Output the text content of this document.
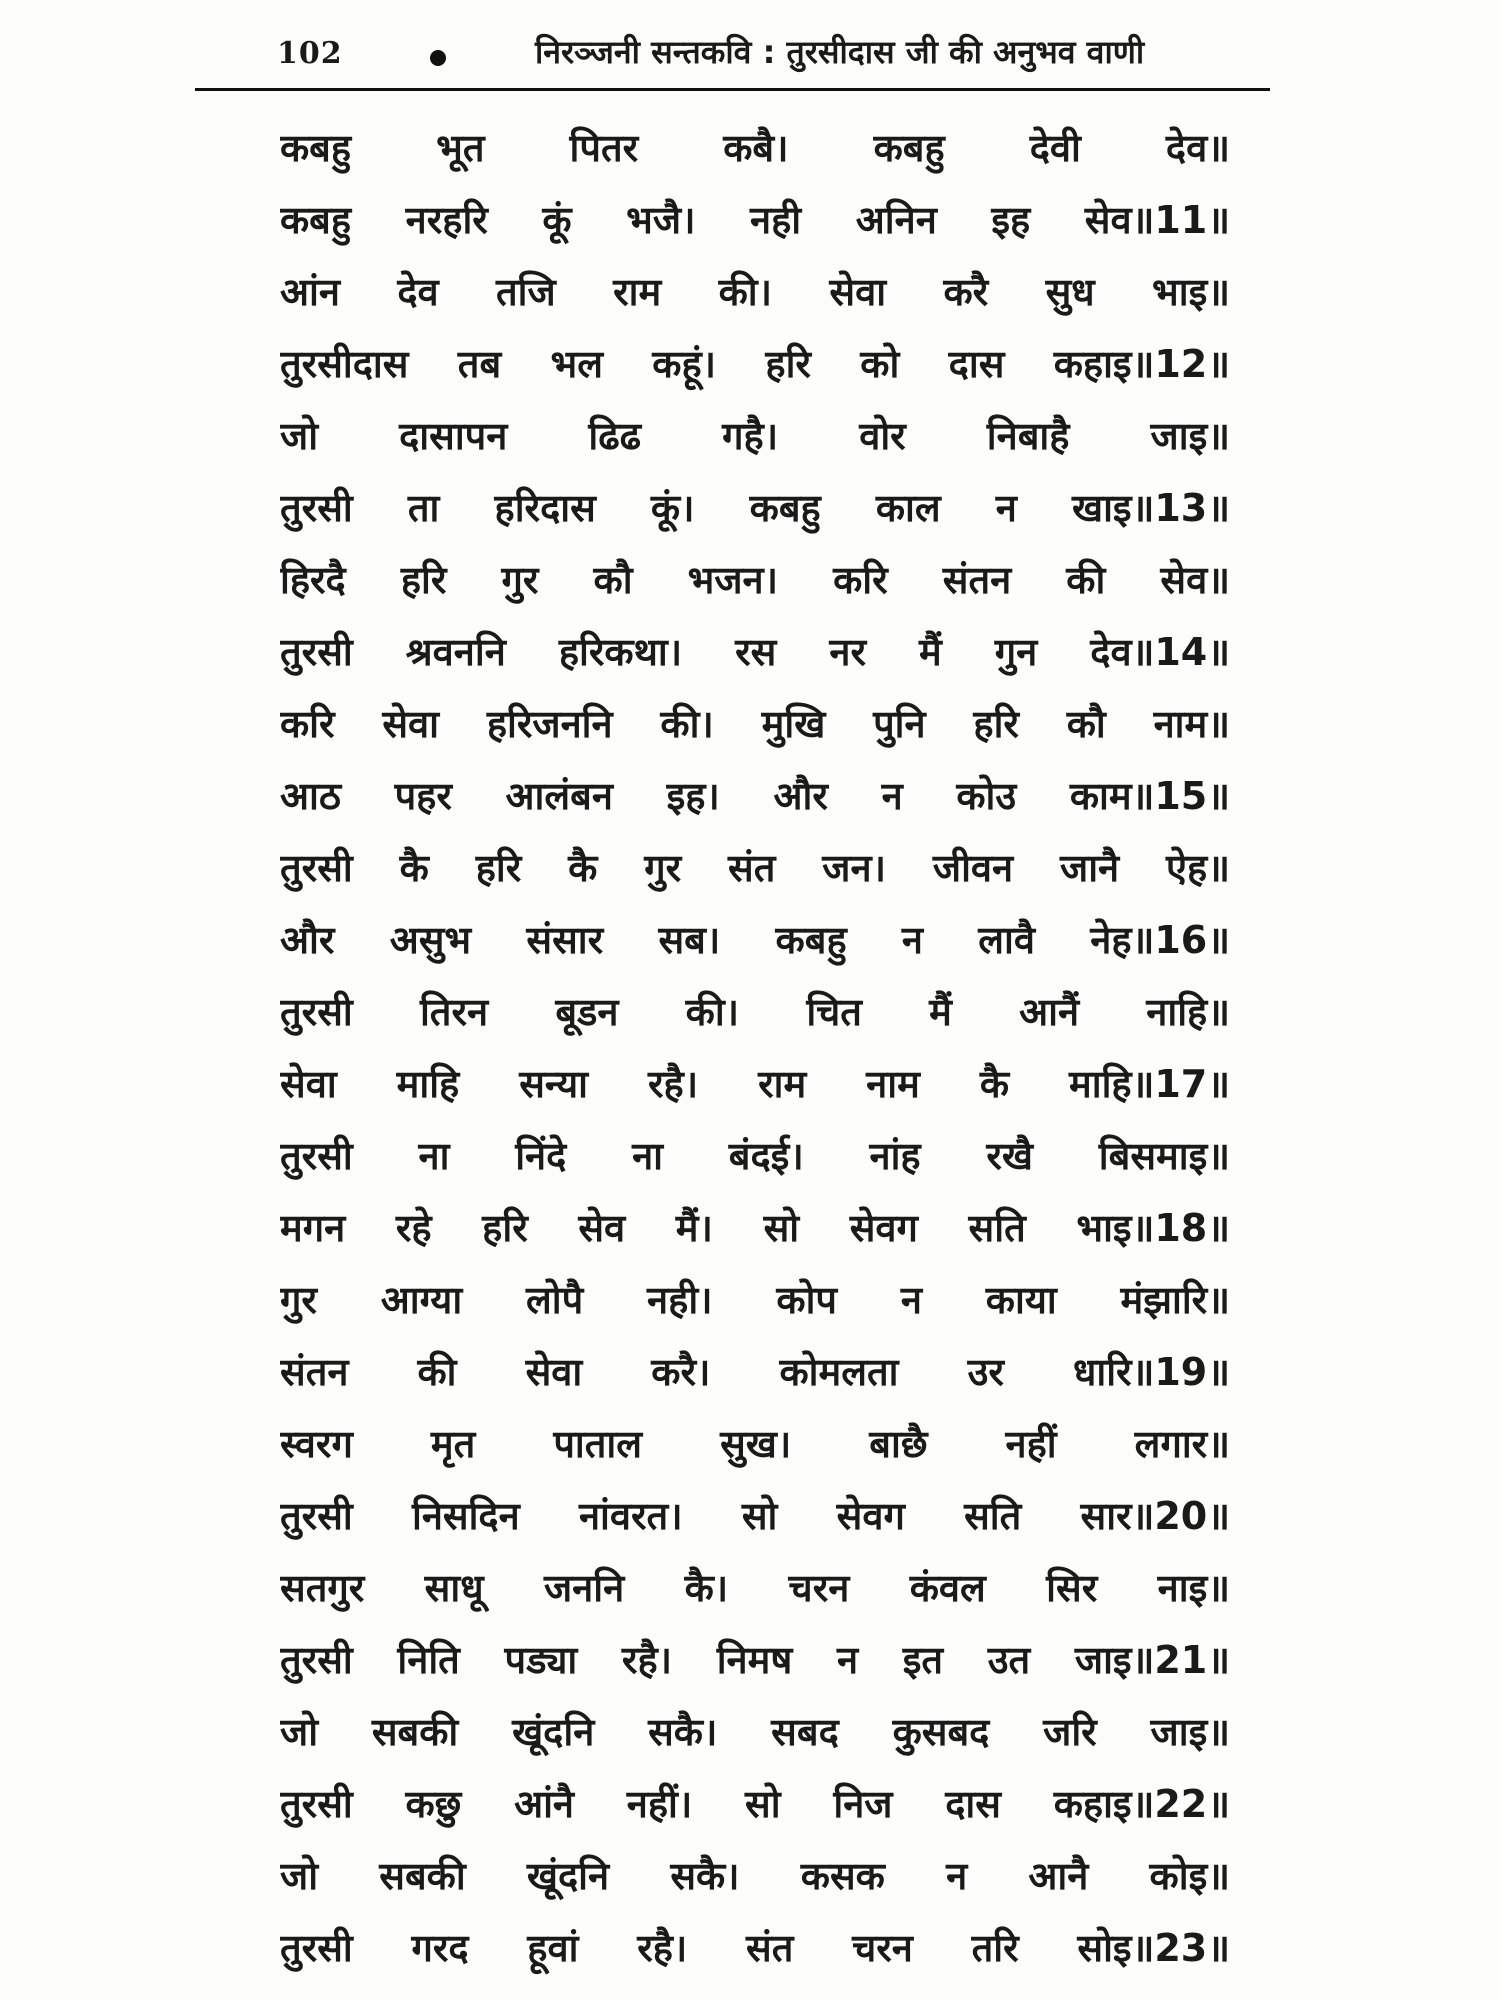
102	निरञ्जनी सन्तकवि : तुरसीदास जी की अनुभव वाणी
कबहु भूत पितर कबै। कबहु देवी देव॥
कबहु नरहरि कूं भजै। नही अनिन इह सेव॥11॥
आंन देव तजि राम की। सेवा करै सुध भाइ॥
तुरसीदास तब भल कहूं। हरि को दास कहाइ॥12॥
जो दासापन ढिढ गहै। वोर निबाहै जाइ॥
तुरसी ता हरिदास कूं। कबहु काल न खाइ॥13॥
हिरदै हरि गुर कौ भजन। करि संतन की सेव॥
तुरसी श्रवननि हरिकथा। रस नर मैं गुन देव॥14॥
करि सेवा हरिजननि की। मुखि पुनि हरि कौ नाम॥
आठ पहर आलंबन इह। और न कोउ काम॥15॥
तुरसी कै हरि कै गुर संत जन। जीवन जानै ऐह॥
और असुभ संसार सब। कबहु न लावै नेह॥16॥
तुरसी तिरन बूडन की। चित मैं आनैं नाहि॥
सेवा माहि सन्या रहै। राम नाम कै माहि॥17॥
तुरसी ना निंदे ना बंदई। नांह रखै बिसमाइ॥
मगन रहे हरि सेव मैं। सो सेवग सति भाइ॥18॥
गुर आग्या लोपै नही। कोप न काया मंझारि॥
संतन की सेवा करै। कोमलता उर धारि॥19॥
स्वरग मृत पाताल सुख। बाछै नहीं लगार॥
तुरसी निसदिन नांवरत। सो सेवग सति सार॥20॥
सतगुर साधू जननि कै। चरन कंवल सिर नाइ॥
तुरसी निति पड्या रहै। निमष न इत उत जाइ॥21॥
जो सबकी खूंदनि सकै। सबद कुसबद जरि जाइ॥
तुरसी कछु आंनै नहीं। सो निज दास कहाइ॥22॥
जो सबकी खूंदनि सकै। कसक न आनै कोइ॥
तुरसी गरद हूवां रहै। संत चरन तरि सोइ॥23॥
